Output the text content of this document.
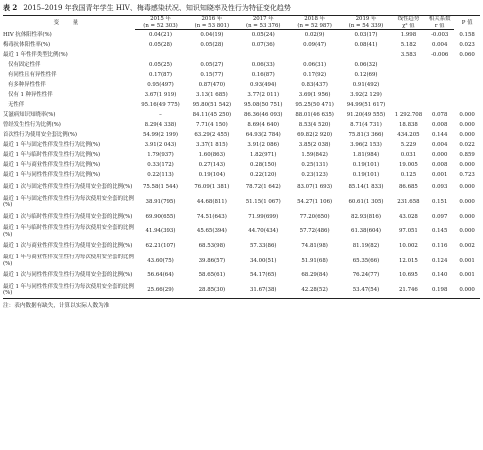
表 2 2015–2019 年我国青年学生 HIV、梅毒感染状况、知识知晓率及性行为特征变化趋势
变 量	2015 年	2016 年	2017 年	2018 年	2019 年	线性趋势	相关系数	P 值
	(n = 52 303)	(n = 53 801)	(n = 53 376)	(n = 52 987)	(n = 54 339)	χ² 值	r 值	
HIV 抗体阳性率(%)	0.04(21)	0.04(19)	0.05(24)	0.02(9)	0.03(17)	1.998	-0.003	0.158
梅毒抗体阳性率(%)	0.05(28)	0.05(28)	0.07(36)	0.09(47)	0.08(41)	5.182	0.004	0.023
最近 1 年性伴类型比例(%)						3.583	-0.006	0.060
仅有固定性伴	0.05(25)	0.05(27)	0.06(33)	0.06(31)	0.06(32)			
有同性且有异性性伴	0.17(87)	0.15(77)	0.16(87)	0.17(92)	0.12(69)			
有多种异性性伴	0.95(497)	0.87(470)	0.93(494)	0.83(437)	0.91(492)			
仅有 1 种异性性伴	3.67(1 919)	3.13(1 685)	3.77(2 011)	3.69(1 956)	3.92(2 129)			
无性伴	95.16(49 775)	95.80(51 542)	95.08(50 751)	95.25(50 471)	94.99(51 617)			
艾滋病知识知晓率(%)	–	84.11(45 250)	86.36(46 093)	88.01(46 635)	91.20(49 555)	1 292.708	0.078	0.000
曾经发生性行为比例(%)	8.29(4 338)	7.71(4 150)	8.69(4 640)	8.53(4 520)	8.71(4 731)	18.838	0.008	0.000
首次性行为使用安全套比例(%)	54.99(2 199)	63.29(2 455)	64.93(2 784)	69.82(2 920)	75.81(3 366)	434.205	0.144	0.000
最近 1 年与固定性伴发生性行为比例(%)	3.91(2 043)	3.37(1 815)	3.91(2 086)	3.85(2 038)	3.96(2 153)	5.229	0.004	0.022
最近 1 年与临时性伴发生性行为比例(%)	1.79(937)	1.60(863)	1.82(971)	1.59(842)	1.81(984)	0.031	0.000	0.859
最近 1 年与商业性伴发生性行为比例(%)	0.33(172)	0.27(143)	0.28(150)	0.25(131)	0.19(101)	19.005	0.008	0.000
最近 1 年与同性性伴发生性行为比例(%)	0.22(113)	0.19(104)	0.22(120)	0.23(123)	0.19(101)	0.125	0.001	0.723
最近 1 次与固定性伴发生性行为使用安全套的比例(%)	75.58(1 544)	76.09(1 381)	78.72(1 642)	83.07(1 693)	85.14(1 833)	86.685	0.093	0.000
最近 1 年与固定性伴发生性行为每次使用安全套的比例(%)	38.91(795)	44.68(811)	51.15(1 067)	54.27(1 106)	60.61(1 305)	231.658	0.151	0.000
最近 1 次与临时性伴发生性行为使用安全套的比例(%)	69.90(655)	74.51(643)	71.99(699)	77.20(650)	82.93(816)	43.028	0.097	0.000
最近 1 年与临时性伴发生性行为每次使用安全套的比例(%)	41.94(393)	45.65(394)	44.70(434)	57.72(486)	61.38(604)	97.051	0.145	0.000
最近 1 次与商业性伴发生性行为使用安全套的比例(%)	62.21(107)	68.53(98)	57.33(86)	74.81(98)	81.19(82)	10.002	0.116	0.002
最近 1 年与商业性伴发生性行为每次使用安全套的比例(%)	43.60(75)	39.86(57)	34.00(51)	51.91(68)	65.35(66)	12.015	0.124	0.001
最近 1 次与同性性伴发生性行为使用安全套的比例(%)	56.64(64)	58.65(61)	54.17(65)	68.29(84)	76.24(77)	10.695	0.140	0.001
最近 1 年与同性性伴发生性行为每次使用安全套的比例(%)	25.66(29)	28.85(30)	31.67(38)	42.28(52)	53.47(54)	21.746	0.198	0.000
注：表内数据有缺失，计算以实际人数为准
